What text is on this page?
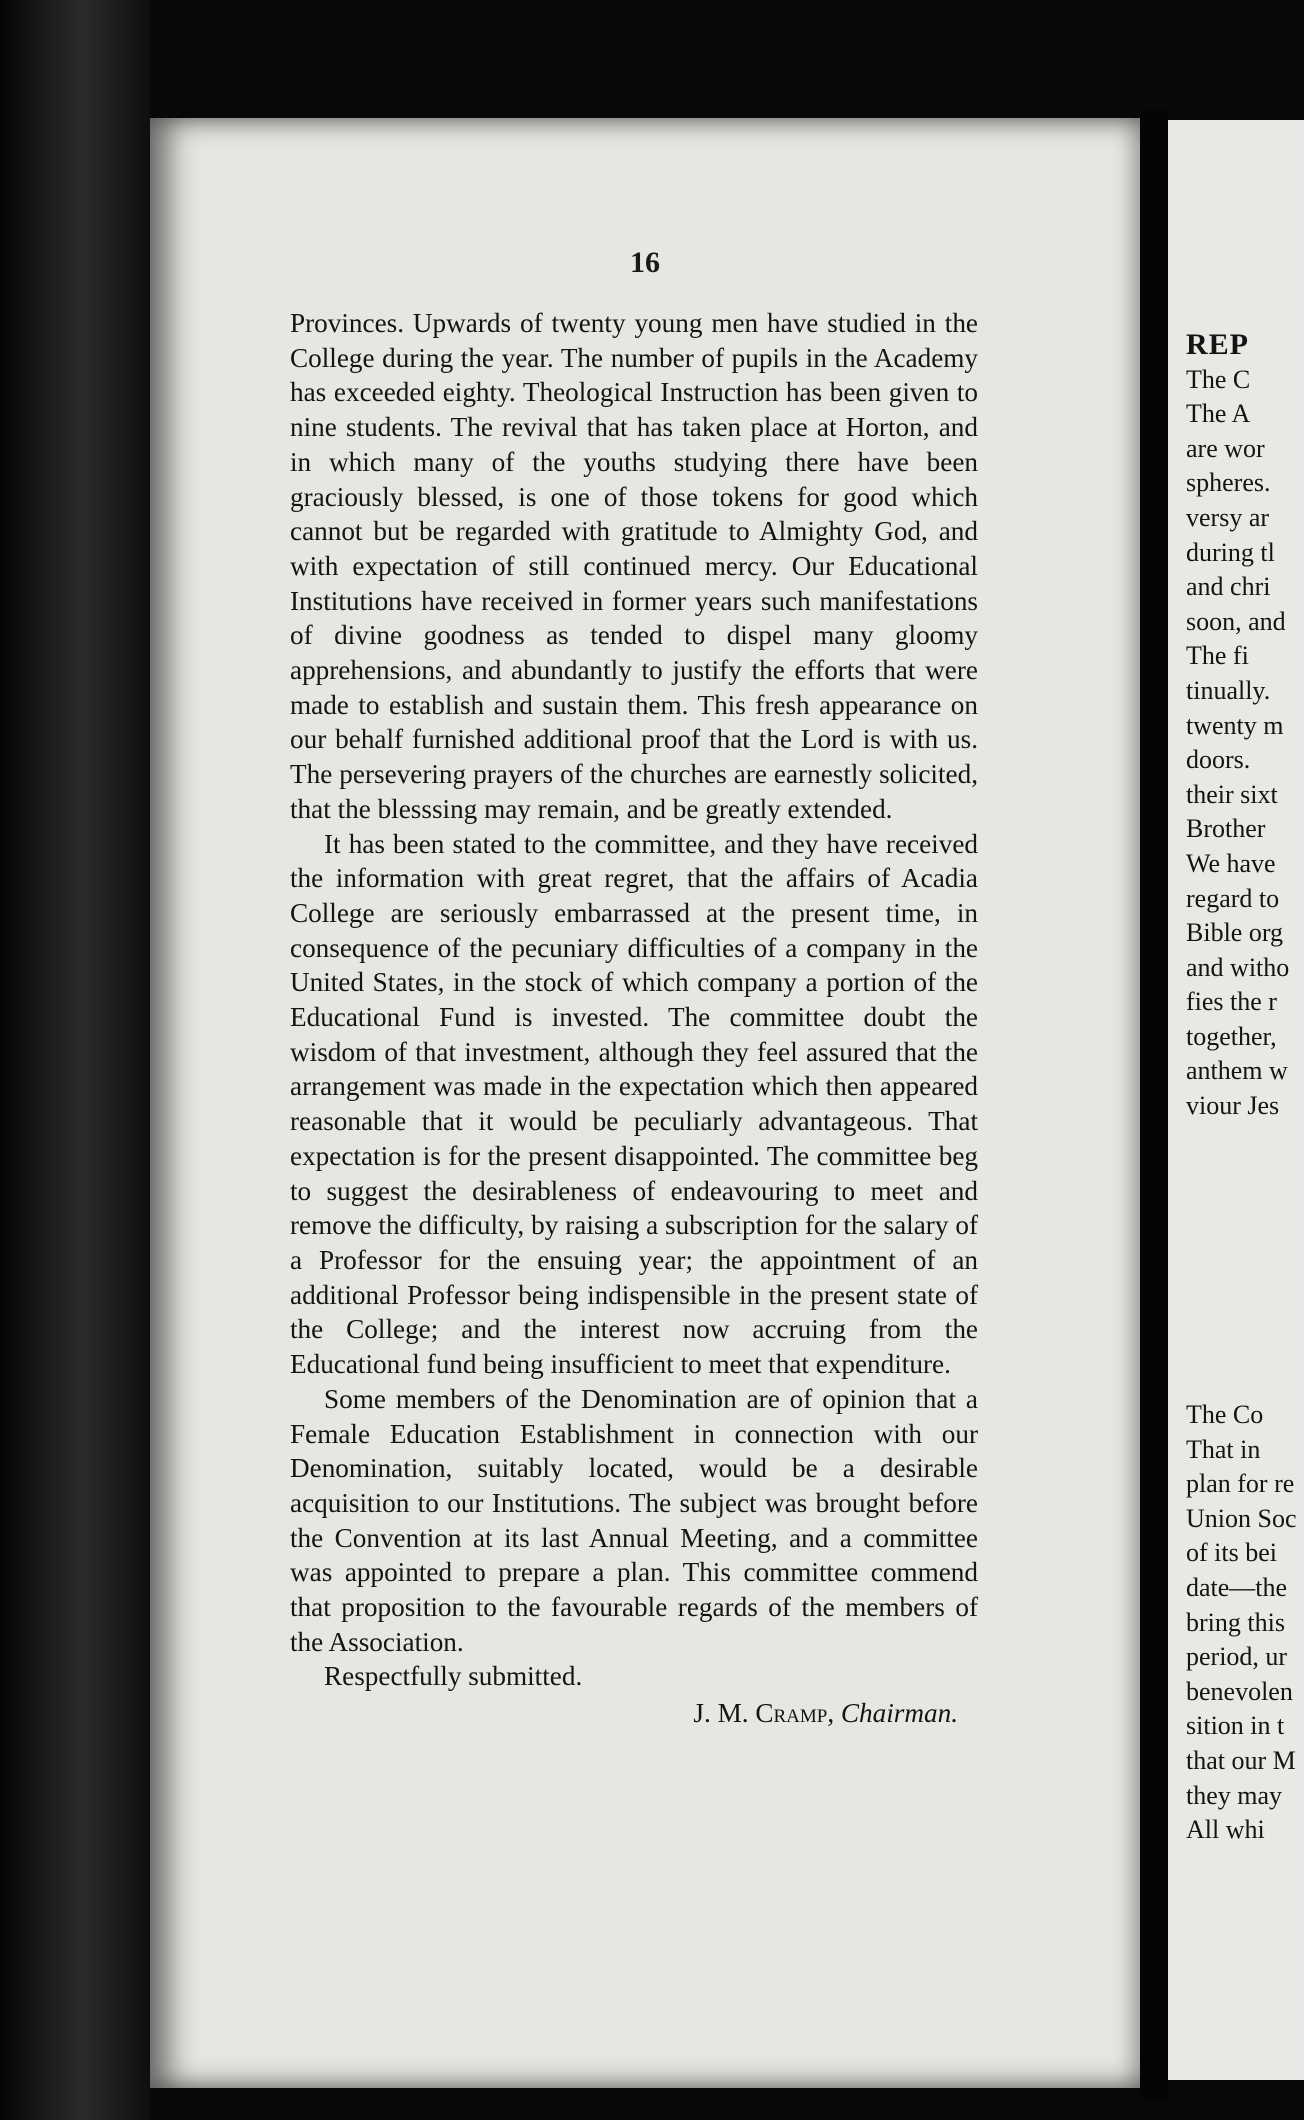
16

Provinces. Upwards of twenty young men have studied in the College during the year. The number of pupils in the Academy has exceeded eighty. Theological Instruction has been given to nine students. The revival that has taken place at Horton, and in which many of the youths studying there have been graciously blessed, is one of those tokens for good which cannot but be regarded with gratitude to Almighty God, and with expectation of still continued mercy. Our Educational Institutions have received in former years such manifestations of divine goodness as tended to dispel many gloomy apprehensions, and abundantly to justify the efforts that were made to establish and sustain them. This fresh appearance on our behalf furnished additional proof that the Lord is with us. The persevering prayers of the churches are earnestly solicited, that the blesssing may remain, and be greatly extended.

It has been stated to the committee, and they have received the information with great regret, that the affairs of Acadia College are seriously embarrassed at the present time, in consequence of the pecuniary difficulties of a company in the United States, in the stock of which company a portion of the Educational Fund is invested. The committee doubt the wisdom of that investment, although they feel assured that the arrangement was made in the expectation which then appeared reasonable that it would be peculiarly advantageous. That expectation is for the present disappointed. The committee beg to suggest the desirableness of endeavouring to meet and remove the difficulty, by raising a subscription for the salary of a Professor for the ensuing year; the appointment of an additional Professor being indispensible in the present state of the College; and the interest now accruing from the Educational fund being insufficient to meet that expenditure.

Some members of the Denomination are of opinion that a Female Education Establishment in connection with our Denomination, suitably located, would be a desirable acquisition to our Institutions. The subject was brought before the Convention at its last Annual Meeting, and a committee was appointed to prepare a plan. This committee commend that proposition to the favourable regards of the members of the Association.

Respectfully submitted.

J. M. Cramp, Chairman.

REP
The C
The A
are wor
spheres.
versy ar
during tl
and chri
soon, and
The fi
tinually.
twenty m
doors.
their sixt
Brother
We have
regard to
Bible org
and witho
fies the r
together,
anthem w
viour Jes
The Co
That in
plan for re
Union Soc
of its bei
date—the
bring this
period, ur
benevolen
sition in t
that our M
they may
All whi
